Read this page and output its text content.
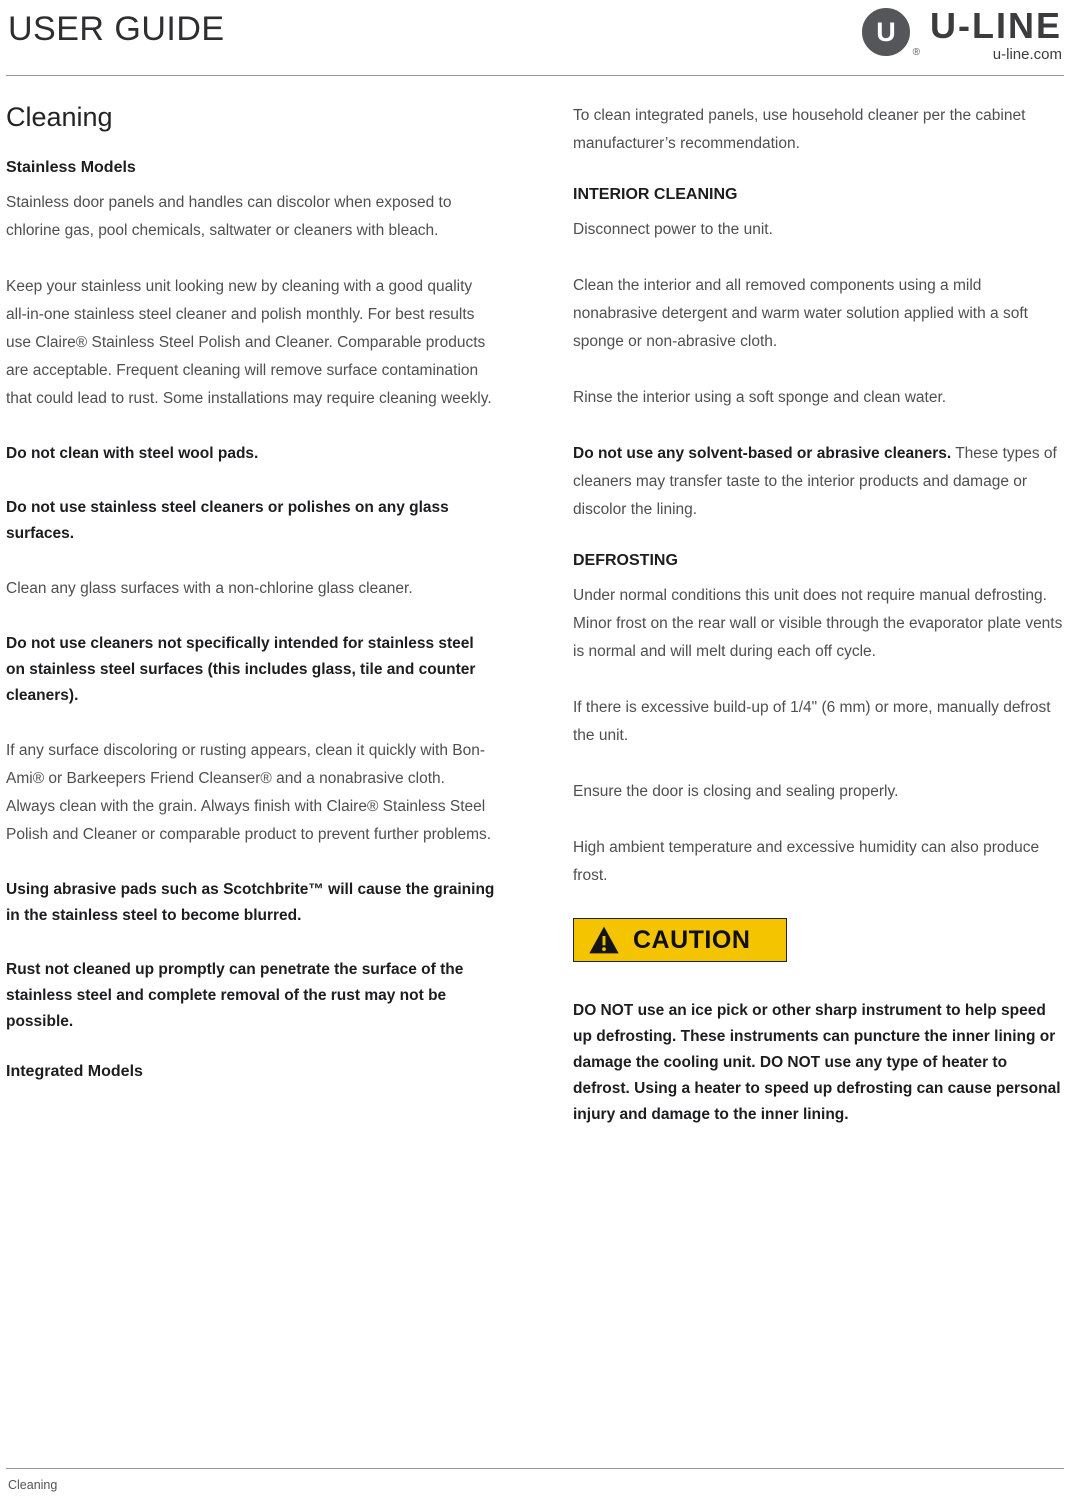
USER GUIDE	U
®
U-LINE
u-line.com
Cleaning
Stainless Models

Stainless door panels and handles can discolor when exposed to chlorine gas, pool chemicals, saltwater or cleaners with bleach.

Keep your stainless unit looking new by cleaning with a good quality all-in-one stainless steel cleaner and polish monthly. For best results use Claire® Stainless Steel Polish and Cleaner. Comparable products are acceptable. Frequent cleaning will remove surface contamination that could lead to rust. Some installations may require cleaning weekly.

Do not clean with steel wool pads.

Do not use stainless steel cleaners or polishes on any glass surfaces.

Clean any glass surfaces with a non-chlorine glass cleaner.

Do not use cleaners not specifically intended for stainless steel on stainless steel surfaces (this includes glass, tile and counter cleaners).

If any surface discoloring or rusting appears, clean it quickly with Bon-Ami® or Barkeepers Friend Cleanser® and a nonabrasive cloth. Always clean with the grain. Always finish with Claire® Stainless Steel Polish and Cleaner or comparable product to prevent further problems.

Using abrasive pads such as Scotchbrite™ will cause the graining in the stainless steel to become blurred.

Rust not cleaned up promptly can penetrate the surface of the stainless steel and complete removal of the rust may not be possible.

Integrated Models

To clean integrated panels, use household cleaner per the cabinet manufacturer’s recommendation.

INTERIOR CLEANING

Disconnect power to the unit.

Clean the interior and all removed components using a mild nonabrasive detergent and warm water solution applied with a soft sponge or non-abrasive cloth.

Rinse the interior using a soft sponge and clean water.

Do not use any solvent-based or abrasive cleaners. These types of cleaners may transfer taste to the interior products and damage or discolor the lining.

DEFROSTING

Under normal conditions this unit does not require manual defrosting. Minor frost on the rear wall or visible through the evaporator plate vents is normal and will melt during each off cycle.

If there is excessive build-up of 1/4" (6 mm) or more, manually defrost the unit.

Ensure the door is closing and sealing properly.

High ambient temperature and excessive humidity can also produce frost.

CAUTION

DO NOT use an ice pick or other sharp instrument to help speed up defrosting. These instruments can puncture the inner lining or damage the cooling unit. DO NOT use any type of heater to defrost. Using a heater to speed up defrosting can cause personal injury and damage to the inner lining.

Cleaning
